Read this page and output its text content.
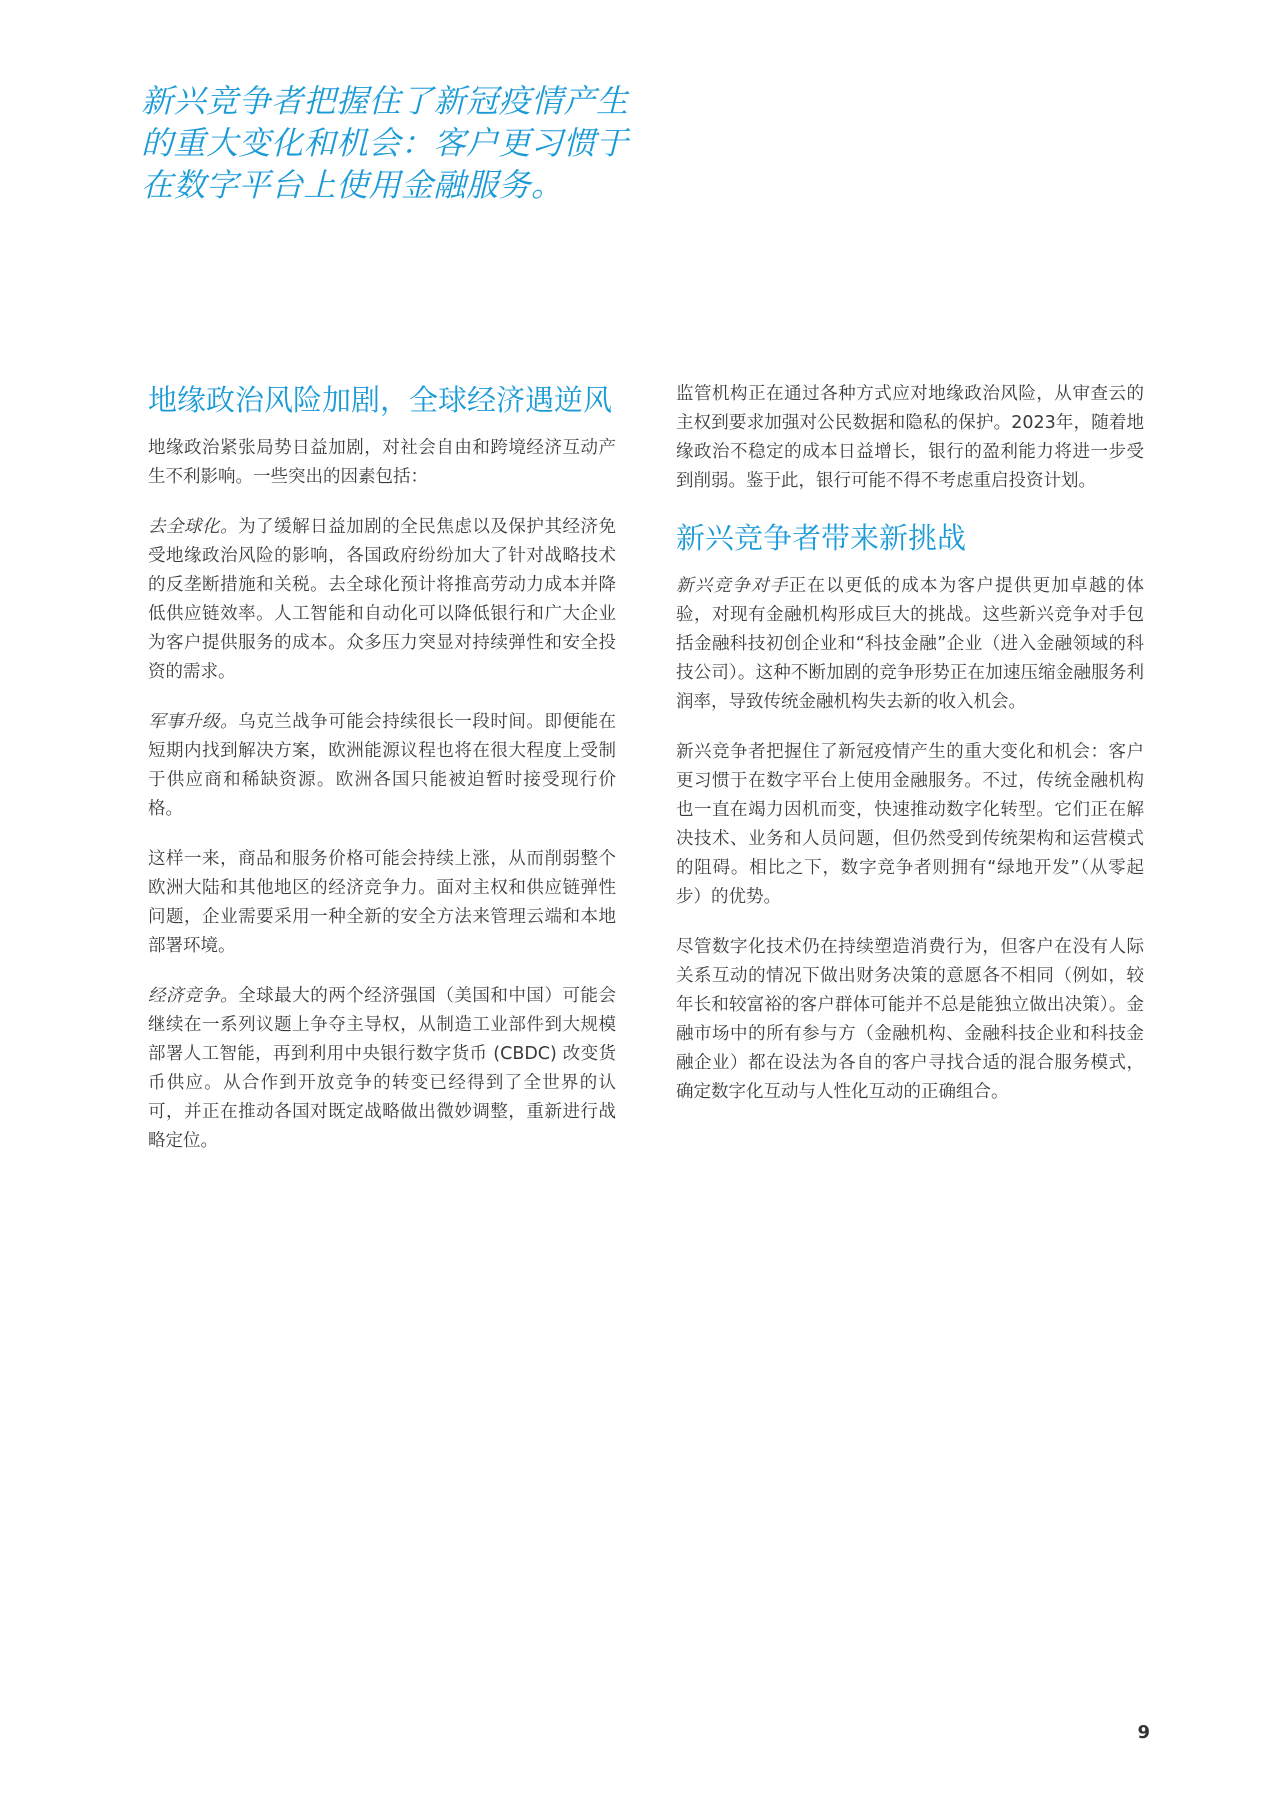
新兴竞争者把握住了新冠疫情产生的重大变化和机会：客户更习惯于在数字平台上使用金融服务。
地缘政治风险加剧，全球经济遇逆风

地缘政治紧张局势日益加剧，对社会自由和跨境经济互动产生不利影响。一些突出的因素包括：

去全球化。为了缓解日益加剧的全民焦虑以及保护其经济免受地缘政治风险的影响，各国政府纷纷加大了针对战略技术的反垄断措施和关税。去全球化预计将推高劳动力成本并降低供应链效率。人工智能和自动化可以降低银行和广大企业为客户提供服务的成本。众多压力突显对持续弹性和安全投资的需求。

军事升级。乌克兰战争可能会持续很长一段时间。即便能在短期内找到解决方案，欧洲能源议程也将在很大程度上受制于供应商和稀缺资源。欧洲各国只能被迫暂时接受现行价格。

这样一来，商品和服务价格可能会持续上涨，从而削弱整个欧洲大陆和其他地区的经济竞争力。面对主权和供应链弹性问题，企业需要采用一种全新的安全方法来管理云端和本地部署环境。

经济竞争。全球最大的两个经济强国（美国和中国）可能会继续在一系列议题上争夺主导权，从制造工业部件到大规模部署人工智能，再到利用中央银行数字货币 (CBDC) 改变货币供应。从合作到开放竞争的转变已经得到了全世界的认可，并正在推动各国对既定战略做出微妙调整，重新进行战略定位。

监管机构正在通过各种方式应对地缘政治风险，从审查云的主权到要求加强对公民数据和隐私的保护。2023年，随着地缘政治不稳定的成本日益增长，银行的盈利能力将进一步受到削弱。鉴于此，银行可能不得不考虑重启投资计划。

新兴竞争者带来新挑战

新兴竞争对手正在以更低的成本为客户提供更加卓越的体验，对现有金融机构形成巨大的挑战。这些新兴竞争对手包括金融科技初创企业和“科技金融”企业（进入金融领域的科技公司）。这种不断加剧的竞争形势正在加速压缩金融服务利润率，导致传统金融机构失去新的收入机会。

新兴竞争者把握住了新冠疫情产生的重大变化和机会：客户更习惯于在数字平台上使用金融服务。不过，传统金融机构也一直在竭力因机而变，快速推动数字化转型。它们正在解决技术、业务和人员问题，但仍然受到传统架构和运营模式的阻碍。相比之下，数字竞争者则拥有“绿地开发”（从零起步）的优势。

尽管数字化技术仍在持续塑造消费行为，但客户在没有人际关系互动的情况下做出财务决策的意愿各不相同（例如，较年长和较富裕的客户群体可能并不总是能独立做出决策）。金融市场中的所有参与方（金融机构、金融科技企业和科技金融企业）都在设法为各自的客户寻找合适的混合服务模式，确定数字化互动与人性化互动的正确组合。

9
